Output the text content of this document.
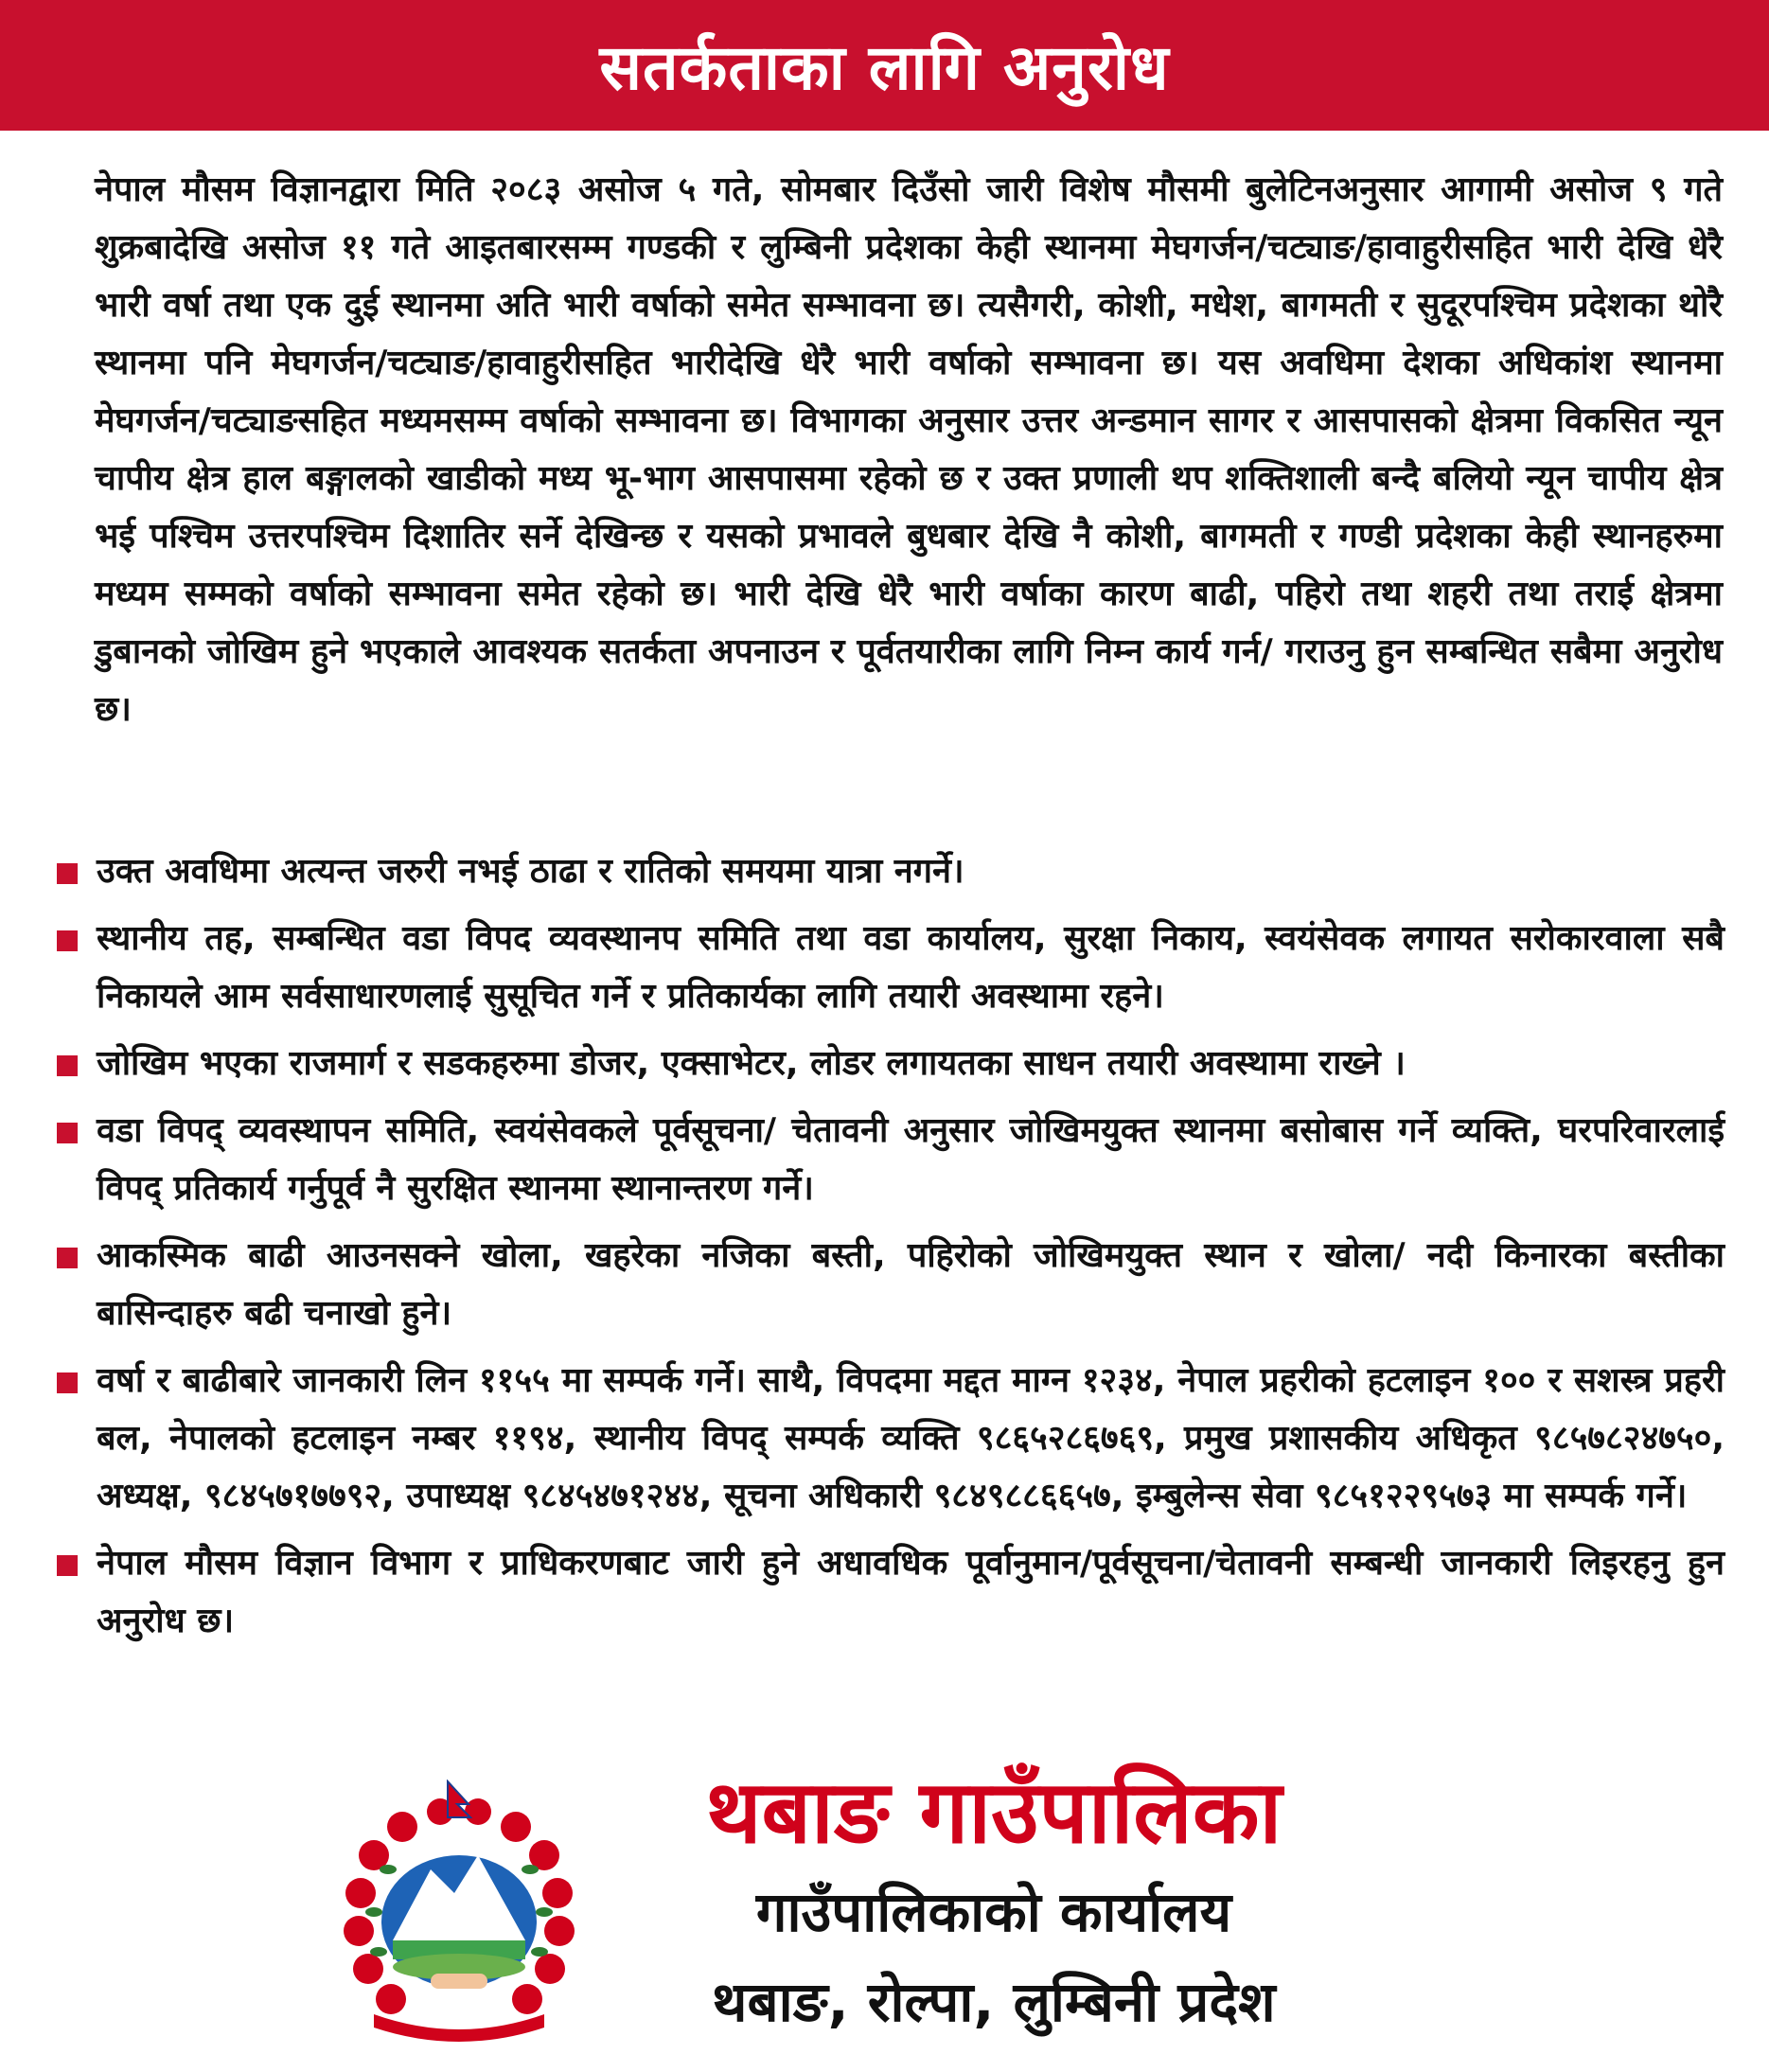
सतर्कताका लागि अनुरोध
नेपाल मौसम विज्ञानद्वारा मिति २०८३ असोज ५ गते, सोमबार दिउँसो जारी विशेष मौसमी बुलेटिनअनुसार आगामी असोज ९ गते शुक्रबादेखि असोज ११ गते आइतबारसम्म गण्डकी र लुम्बिनी प्रदेशका केही स्थानमा मेघगर्जन/चट्याङ/हावाहुरीसहित भारी देखि धेरै भारी वर्षा तथा एक दुई स्थानमा अति भारी वर्षाको समेत सम्भावना छ। त्यसैगरी, कोशी, मधेश, बागमती र सुदूरपश्चिम प्रदेशका थोरै स्थानमा पनि मेघगर्जन/चट्याङ/हावाहुरीसहित भारीदेखि धेरै भारी वर्षाको सम्भावना छ। यस अवधिमा देशका अधिकांश स्थानमा मेघगर्जन/चट्याङसहित मध्यमसम्म वर्षाको सम्भावना छ। विभागका अनुसार उत्तर अन्डमान सागर र आसपासको क्षेत्रमा विकसित न्यून चापीय क्षेत्र हाल बङ्गालको खाडीको मध्य भू-भाग आसपासमा रहेको छ र उक्त प्रणाली थप शक्तिशाली बन्दै बलियो न्यून चापीय क्षेत्र भई पश्चिम उत्तरपश्चिम दिशातिर सर्ने देखिन्छ र यसको प्रभावले बुधबार देखि नै कोशी, बागमती र गण्डी प्रदेशका केही स्थानहरुमा मध्यम सम्मको वर्षाको सम्भावना समेत रहेको छ। भारी देखि धेरै भारी वर्षाका कारण बाढी, पहिरो तथा शहरी तथा तराई क्षेत्रमा डुबानको जोखिम हुने भएकाले आवश्यक सतर्कता अपनाउन र पूर्वतयारीका लागि निम्न कार्य गर्न/ गराउनु हुन सम्बन्धित सबैमा अनुरोध छ।
उक्त अवधिमा अत्यन्त जरुरी नभई ठाढा र रातिको समयमा यात्रा नगर्ने।
स्थानीय तह, सम्बन्धित वडा विपद व्यवस्थानप समिति तथा वडा कार्यालय, सुरक्षा निकाय, स्वयंसेवक लगायत सरोकारवाला सबै निकायले आम सर्वसाधारणलाई सुसूचित गर्ने र प्रतिकार्यका लागि तयारी अवस्थामा रहने।
जोखिम भएका राजमार्ग र सडकहरुमा डोजर, एक्साभेटर, लोडर लगायतका साधन तयारी अवस्थामा राख्ने ।
वडा विपद् व्यवस्थापन समिति, स्वयंसेवकले पूर्वसूचना/ चेतावनी अनुसार जोखिमयुक्त स्थानमा बसोबास गर्ने व्यक्ति, घरपरिवारलाई विपद् प्रतिकार्य गर्नुपूर्व नै सुरक्षित स्थानमा स्थानान्तरण गर्ने।
आकस्मिक बाढी आउनसक्ने खोला, खहरेका नजिका बस्ती, पहिरोको जोखिमयुक्त स्थान र खोला/ नदी किनारका बस्तीका बासिन्दाहरु बढी चनाखो हुने।
वर्षा र बाढीबारे जानकारी लिन ११५५ मा सम्पर्क गर्ने। साथै, विपदमा मद्दत माग्न १२३४, नेपाल प्रहरीको हटलाइन १०० र सशस्त्र प्रहरी बल, नेपालको हटलाइन नम्बर ११९४, स्थानीय विपद् सम्पर्क व्यक्ति ९८६५२८६७६९, प्रमुख प्रशासकीय अधिकृत ९८५७८२४७५०, अध्यक्ष, ९८४५७१७७९२, उपाध्यक्ष ९८४५४७१२४४, सूचना अधिकारी ९८४९८८६६५७, इम्बुलेन्स सेवा ९८५१२२९५७३ मा सम्पर्क गर्ने।
नेपाल मौसम विज्ञान विभाग र प्राधिकरणबाट जारी हुने अधावधिक पूर्वानुमान/पूर्वसूचना/चेतावनी सम्बन्धी जानकारी लिइरहनु हुन अनुरोध छ।
थबाङ गाउँपालिका
गाउँपालिकाको कार्यालय
थबाङ, रोल्पा, लुम्बिनी प्रदेश
